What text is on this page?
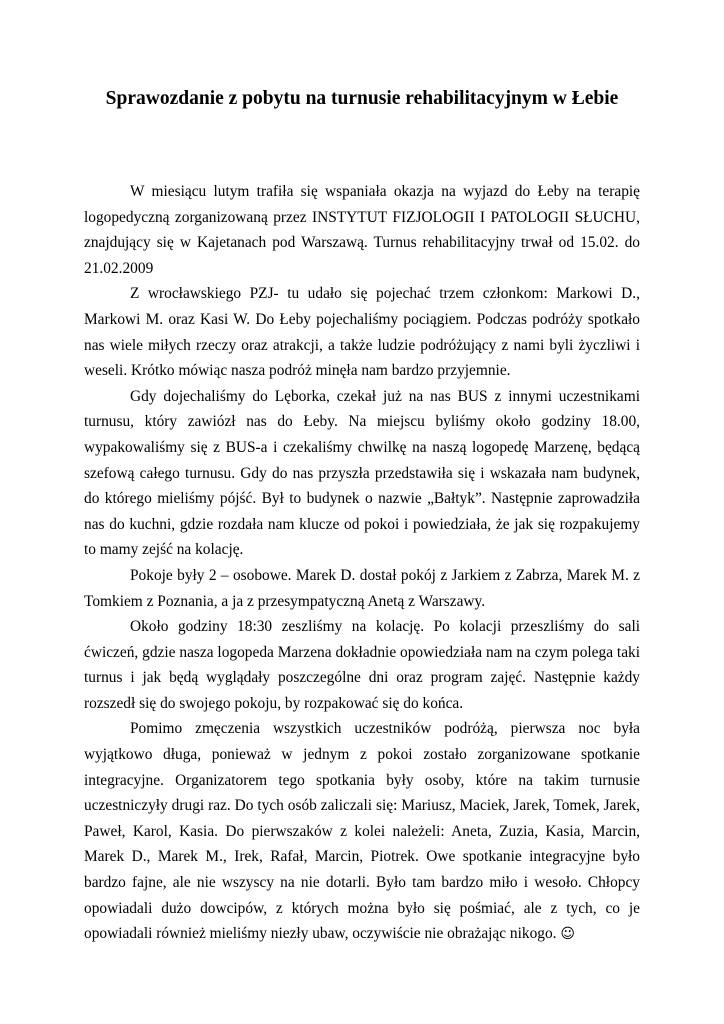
Sprawozdanie z pobytu na turnusie rehabilitacyjnym w Łebie

W miesiącu lutym trafiła się wspaniała okazja na wyjazd do Łeby na terapię logopedyczną zorganizowaną przez INSTYTUT FIZJOLOGII I PATOLOGII SŁUCHU, znajdujący się w Kajetanach pod Warszawą. Turnus rehabilitacyjny trwał od 15.02. do 21.02.2009

Z wrocławskiego PZJ- tu udało się pojechać trzem członkom: Markowi D., Markowi M. oraz Kasi W. Do Łeby pojechaliśmy pociągiem. Podczas podróży spotkało nas wiele miłych rzeczy oraz atrakcji, a także ludzie podróżujący z nami byli życzliwi i weseli. Krótko mówiąc nasza podróż minęła nam bardzo przyjemnie.

Gdy dojechaliśmy do Lęborka, czekał już na nas BUS z innymi uczestnikami turnusu, który zawiózł nas do Łeby. Na miejscu byliśmy około godziny 18.00, wypakowaliśmy się z BUS-a i czekaliśmy chwilkę na naszą logopedę Marzenę, będącą szefową całego turnusu. Gdy do nas przyszła przedstawiła się i wskazała nam budynek, do którego mieliśmy pójść. Był to budynek o nazwie „Bałtyk”. Następnie zaprowadziła nas do kuchni, gdzie rozdała nam klucze od pokoi i powiedziała, że jak się rozpakujemy to mamy zejść na kolację.

Pokoje były 2 – osobowe. Marek D. dostał pokój z Jarkiem z Zabrza, Marek M. z Tomkiem z Poznania, a ja z przesympatyczną Anetą z Warszawy.

Około godziny 18:30 zeszliśmy na kolację. Po kolacji przeszliśmy do sali ćwiczeń, gdzie nasza logopeda Marzena dokładnie opowiedziała nam na czym polega taki turnus i jak będą wyglądały poszczególne dni oraz program zajęć. Następnie każdy rozszedł się do swojego pokoju, by rozpakować się do końca.

Pomimo zmęczenia wszystkich uczestników podróżą, pierwsza noc była wyjątkowo długa, ponieważ w jednym z pokoi zostało zorganizowane spotkanie integracyjne. Organizatorem tego spotkania były osoby, które na takim turnusie uczestniczyły drugi raz. Do tych osób zaliczali się: Mariusz, Maciek, Jarek, Tomek, Jarek, Paweł, Karol, Kasia. Do pierwszaków z kolei należeli: Aneta, Zuzia, Kasia, Marcin, Marek D., Marek M., Irek, Rafał, Marcin, Piotrek. Owe spotkanie integracyjne było bardzo fajne, ale nie wszyscy na nie dotarli. Było tam bardzo miło i wesoło. Chłopcy opowiadali dużo dowcipów, z których można było się pośmiać, ale z tych, co je opowiadali również mieliśmy niezły ubaw, oczywiście nie obrażając nikogo. ☺
